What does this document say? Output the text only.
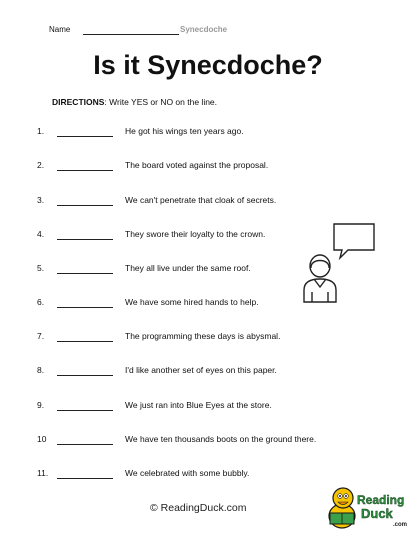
Name	Synecdoche
Is it Synecdoche?
DIRECTIONS: Write YES or NO on the line.
1.	He got his wings ten years ago.
2.	The board voted against the proposal.
3.	We can't penetrate that cloak of secrets.
4.	They swore their loyalty to the crown.
5.	They all live under the same roof.
6.	We have some hired hands to help.
7.	The programming these days is abysmal.
8.	I'd like another set of eyes on this paper.
9.	We just ran into Blue Eyes at the store.
10	We have ten thousands boots on the ground there.
11.	We celebrated with some bubbly.
© ReadingDuck.com
Reading
Duck
.com
